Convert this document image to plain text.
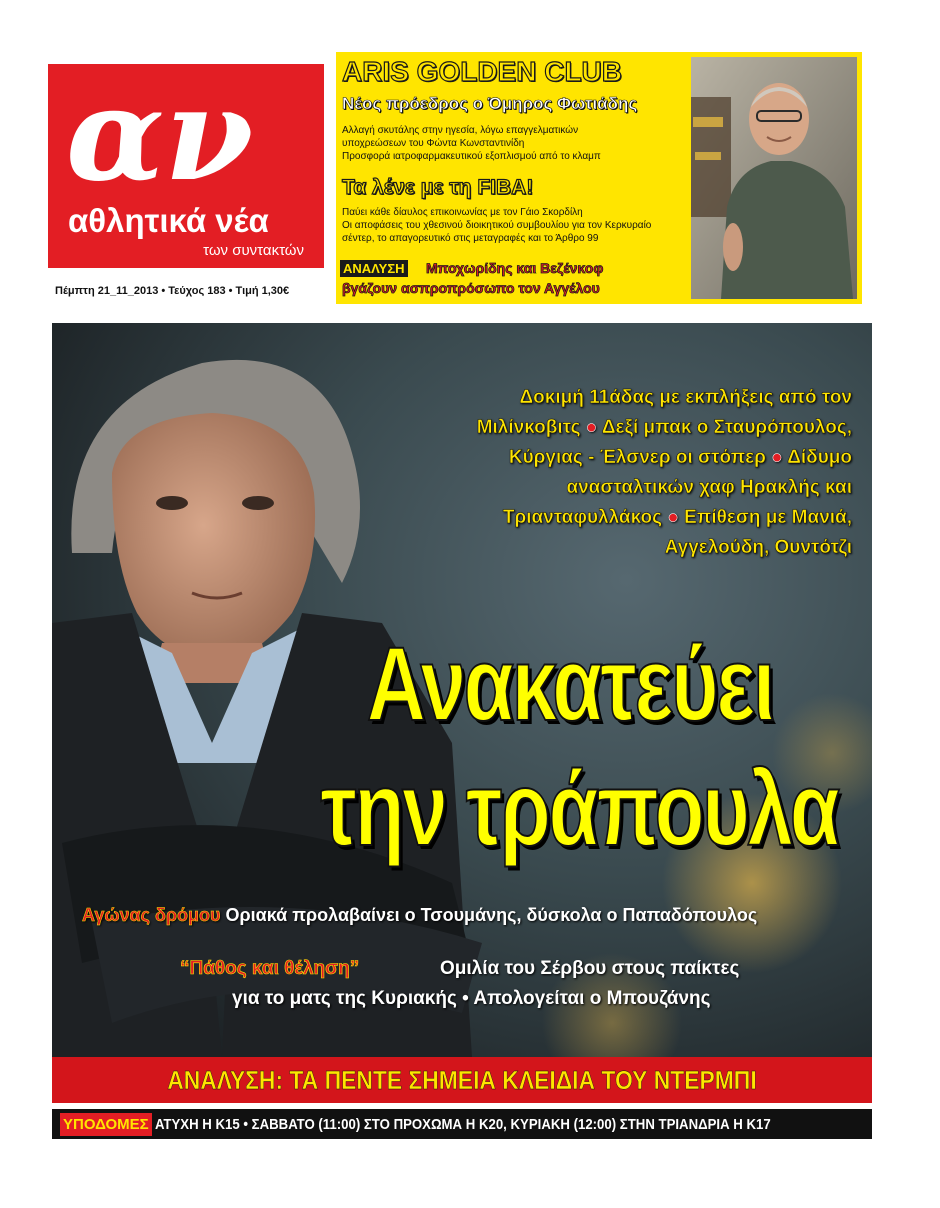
αν
αθλητικά νέα
των συντακτών
Πέμπτη 21_11_2013 • Τεύχος 183 • Τιμή 1,30€
ARIS GOLDEN CLUB
Νέος πρόεδρος ο Όμηρος Φωτιάδης
Αλλαγή σκυτάλης στην ηγεσία, λόγω επαγγελματικών
υποχρεώσεων του Φώντα Κωνσταντινίδη
Προσφορά ιατροφαρμακευτικού εξοπλισμού από το κλαμπ
Τα λένε με τη FIBA!
Παύει κάθε δίαυλος επικοινωνίας με τον Γάιο Σκορδίλη
Οι αποφάσεις του χθεσινού διοικητικού συμβουλίου για τον Κερκυραίο
σέντερ, το απαγορευτικό στις μεταγραφές και το Άρθρο 99
ΑΝΑΛΥΣΗ Μποχωρίδης και Βεζένκοφ
βγάζουν ασπροπρόσωπο τον Αγγέλου
Δοκιμή 11άδας με εκπλήξεις από τον
Μιλίνκοβιτς ● Δεξί μπακ ο Σταυρόπουλος,
Κύργιας - Έλσνερ οι στόπερ ● Δίδυμο
ανασταλτικών χαφ Ηρακλής και
Τριανταφυλλάκος ● Επίθεση με Μανιά,
Αγγελούδη, Ουντότζι
Ανακατεύει
την τράπουλα
Αγώνας δρόμου Οριακά προλαβαίνει ο Τσουμάνης, δύσκολα ο Παπαδόπουλος
“Πάθος και θέληση”	Ομιλία του Σέρβου στους παίκτες
για το ματς της Κυριακής • Απολογείται ο Μπουζάνης
ΑΝΑΛΥΣΗ: ΤΑ ΠΕΝΤΕ ΣΗΜΕΙΑ ΚΛΕΙΔΙΑ ΤΟΥ ΝΤΕΡΜΠΙ
ΥΠΟΔΟΜΕΣ ΑΤΥΧΗ Η Κ15 • ΣΑΒΒΑΤΟ (11:00) ΣΤΟ ΠΡΟΧΩΜΑ Η Κ20, ΚΥΡΙΑΚΗ (12:00) ΣΤΗΝ ΤΡΙΑΝΔΡΙΑ Η Κ17
